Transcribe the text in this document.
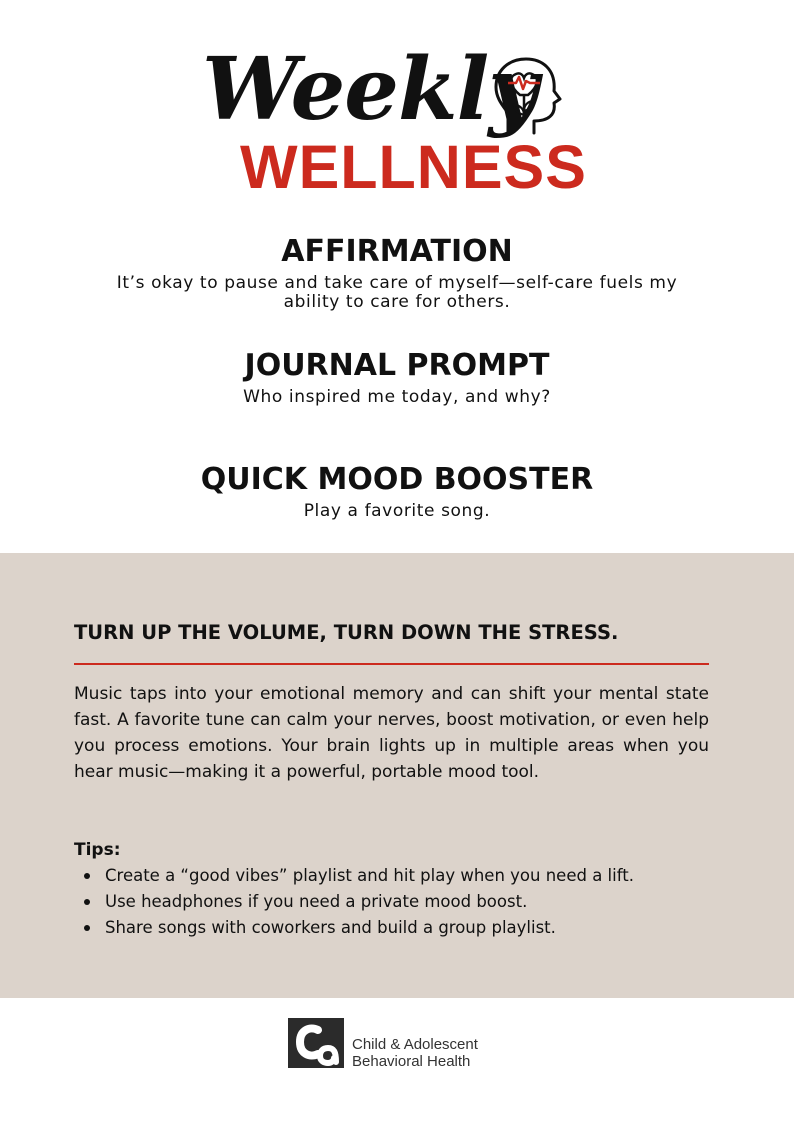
Weekly
WELLNESS
AFFIRMATION

It’s okay to pause and take care of myself—self-care fuels my ability to care for others.

JOURNAL PROMPT

Who inspired me today, and why?

QUICK MOOD BOOSTER

Play a favorite song.

TURN UP THE VOLUME, TURN DOWN THE STRESS.

Music taps into your emotional memory and can shift your mental state fast. A favorite tune can calm your nerves, boost motivation, or even help you process emotions. Your brain lights up in multiple areas when you hear music—making it a powerful, portable mood tool.

Tips:

Create a “good vibes” playlist and hit play when you need a lift.
Use headphones if you need a private mood boost.
Share songs with coworkers and build a group playlist.
Child & Adolescent
Behavioral Health
